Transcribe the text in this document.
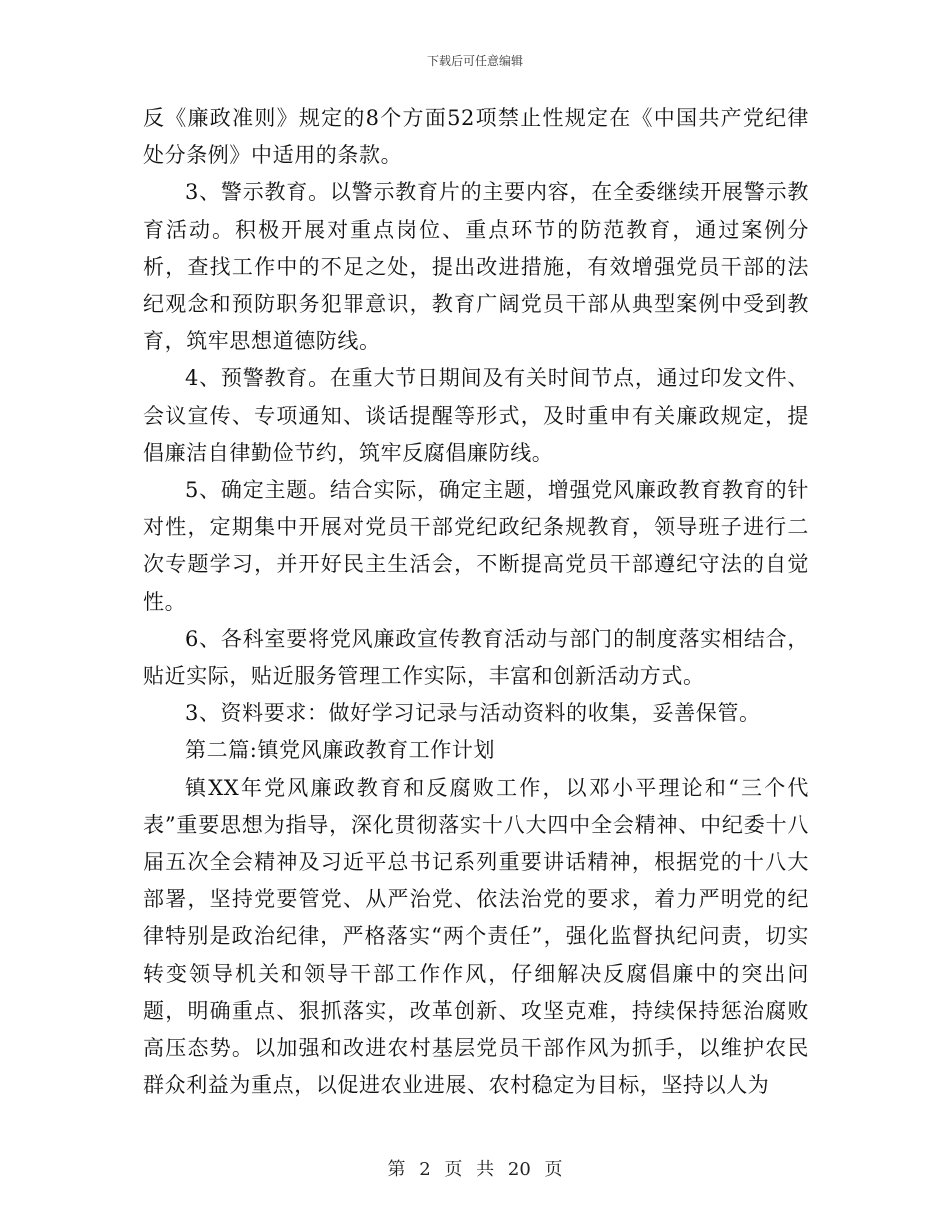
下载后可任意编辑

反《廉政准则》规定的8个方面52项禁止性规定在《中国共产党纪律处分条例》中适用的条款。

3、警示教育。以警示教育片的主要内容，在全委继续开展警示教育活动。积极开展对重点岗位、重点环节的防范教育，通过案例分析，查找工作中的不足之处，提出改进措施，有效增强党员干部的法纪观念和预防职务犯罪意识，教育广阔党员干部从典型案例中受到教育，筑牢思想道德防线。

4、预警教育。在重大节日期间及有关时间节点，通过印发文件、会议宣传、专项通知、谈话提醒等形式，及时重申有关廉政规定，提倡廉洁自律勤俭节约，筑牢反腐倡廉防线。

5、确定主题。结合实际，确定主题，增强党风廉政教育教育的针对性，定期集中开展对党员干部党纪政纪条规教育，领导班子进行二次专题学习，并开好民主生活会，不断提高党员干部遵纪守法的自觉性。

6、各科室要将党风廉政宣传教育活动与部门的制度落实相结合，贴近实际，贴近服务管理工作实际，丰富和创新活动方式。

3、资料要求：做好学习记录与活动资料的收集，妥善保管。

第二篇:镇党风廉政教育工作计划

镇XX年党风廉政教育和反腐败工作，以邓小平理论和“三个代表”重要思想为指导，深化贯彻落实十八大四中全会精神、中纪委十八届五次全会精神及习近平总书记系列重要讲话精神，根据党的十八大部署，坚持党要管党、从严治党、依法治党的要求，着力严明党的纪律特别是政治纪律，严格落实“两个责任”，强化监督执纪问责，切实转变领导机关和领导干部工作作风，仔细解决反腐倡廉中的突出问题，明确重点、狠抓落实，改革创新、攻坚克难，持续保持惩治腐败高压态势。以加强和改进农村基层党员干部作风为抓手，以维护农民群众利益为重点，以促进农业进展、农村稳定为目标，坚持以人为

第 2 页 共 20 页
